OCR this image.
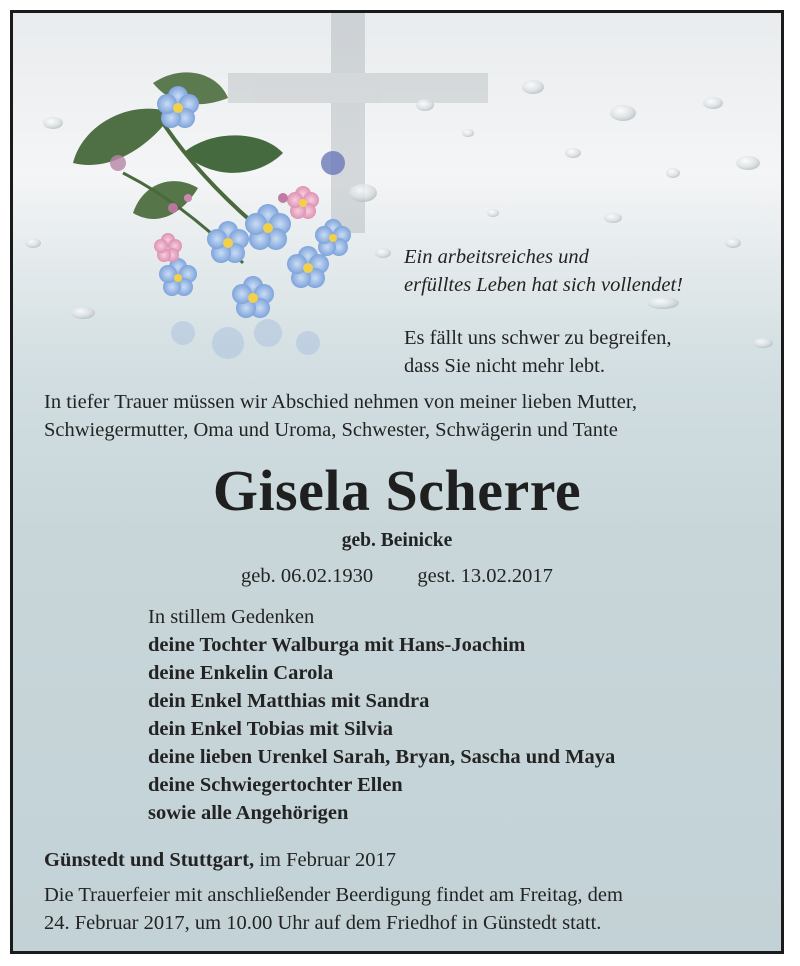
Ein arbeitsreiches und
erfülltes Leben hat sich vollendet!
Es fällt uns schwer zu begreifen,
dass Sie nicht mehr lebt.
In tiefer Trauer müssen wir Abschied nehmen von meiner lieben Mutter,
Schwiegermutter, Oma und Uroma, Schwester, Schwägerin und Tante
Gisela Scherre
geb. Beinicke
geb. 06.02.1930 gest. 13.02.2017
In stillem Gedenken
deine Tochter Walburga mit Hans-Joachim
deine Enkelin Carola
dein Enkel Matthias mit Sandra
dein Enkel Tobias mit Silvia
deine lieben Urenkel Sarah, Bryan, Sascha und Maya
deine Schwiegertochter Ellen
sowie alle Angehörigen
Günstedt und Stuttgart, im Februar 2017
Die Trauerfeier mit anschließender Beerdigung findet am Freitag, dem
24. Februar 2017, um 10.00 Uhr auf dem Friedhof in Günstedt statt.
